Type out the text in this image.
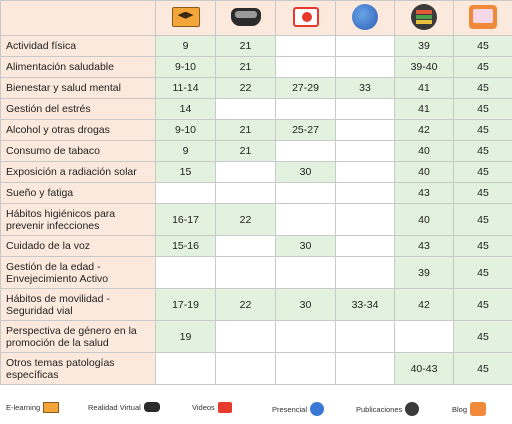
Actividad física	9	21			39	45
Alimentación saludable	9-10	21			39-40	45
Bienestar y salud mental	11-14	22	27-29	33	41	45
Gestión del estrés	14				41	45
Alcohol y otras drogas	9-10	21	25-27		42	45
Consumo de tabaco	9	21			40	45
Exposición a radiación solar	15		30		40	45
Sueño y fatiga					43	45
Hábitos higiénicos para prevenir infecciones	16-17	22			40	45
Cuidado de la voz	15-16		30		43	45
Gestión de la edad - Envejecimiento Activo					39	45
Hábitos de movilidad - Seguridad vial	17-19	22	30	33-34	42	45
Perspectiva de género en la promoción de la salud	19					45
Otros temas patologías específicas					40-43	45
E-learning	Realidad Virtual	Videos	Presencial	Publicaciones	Blog
